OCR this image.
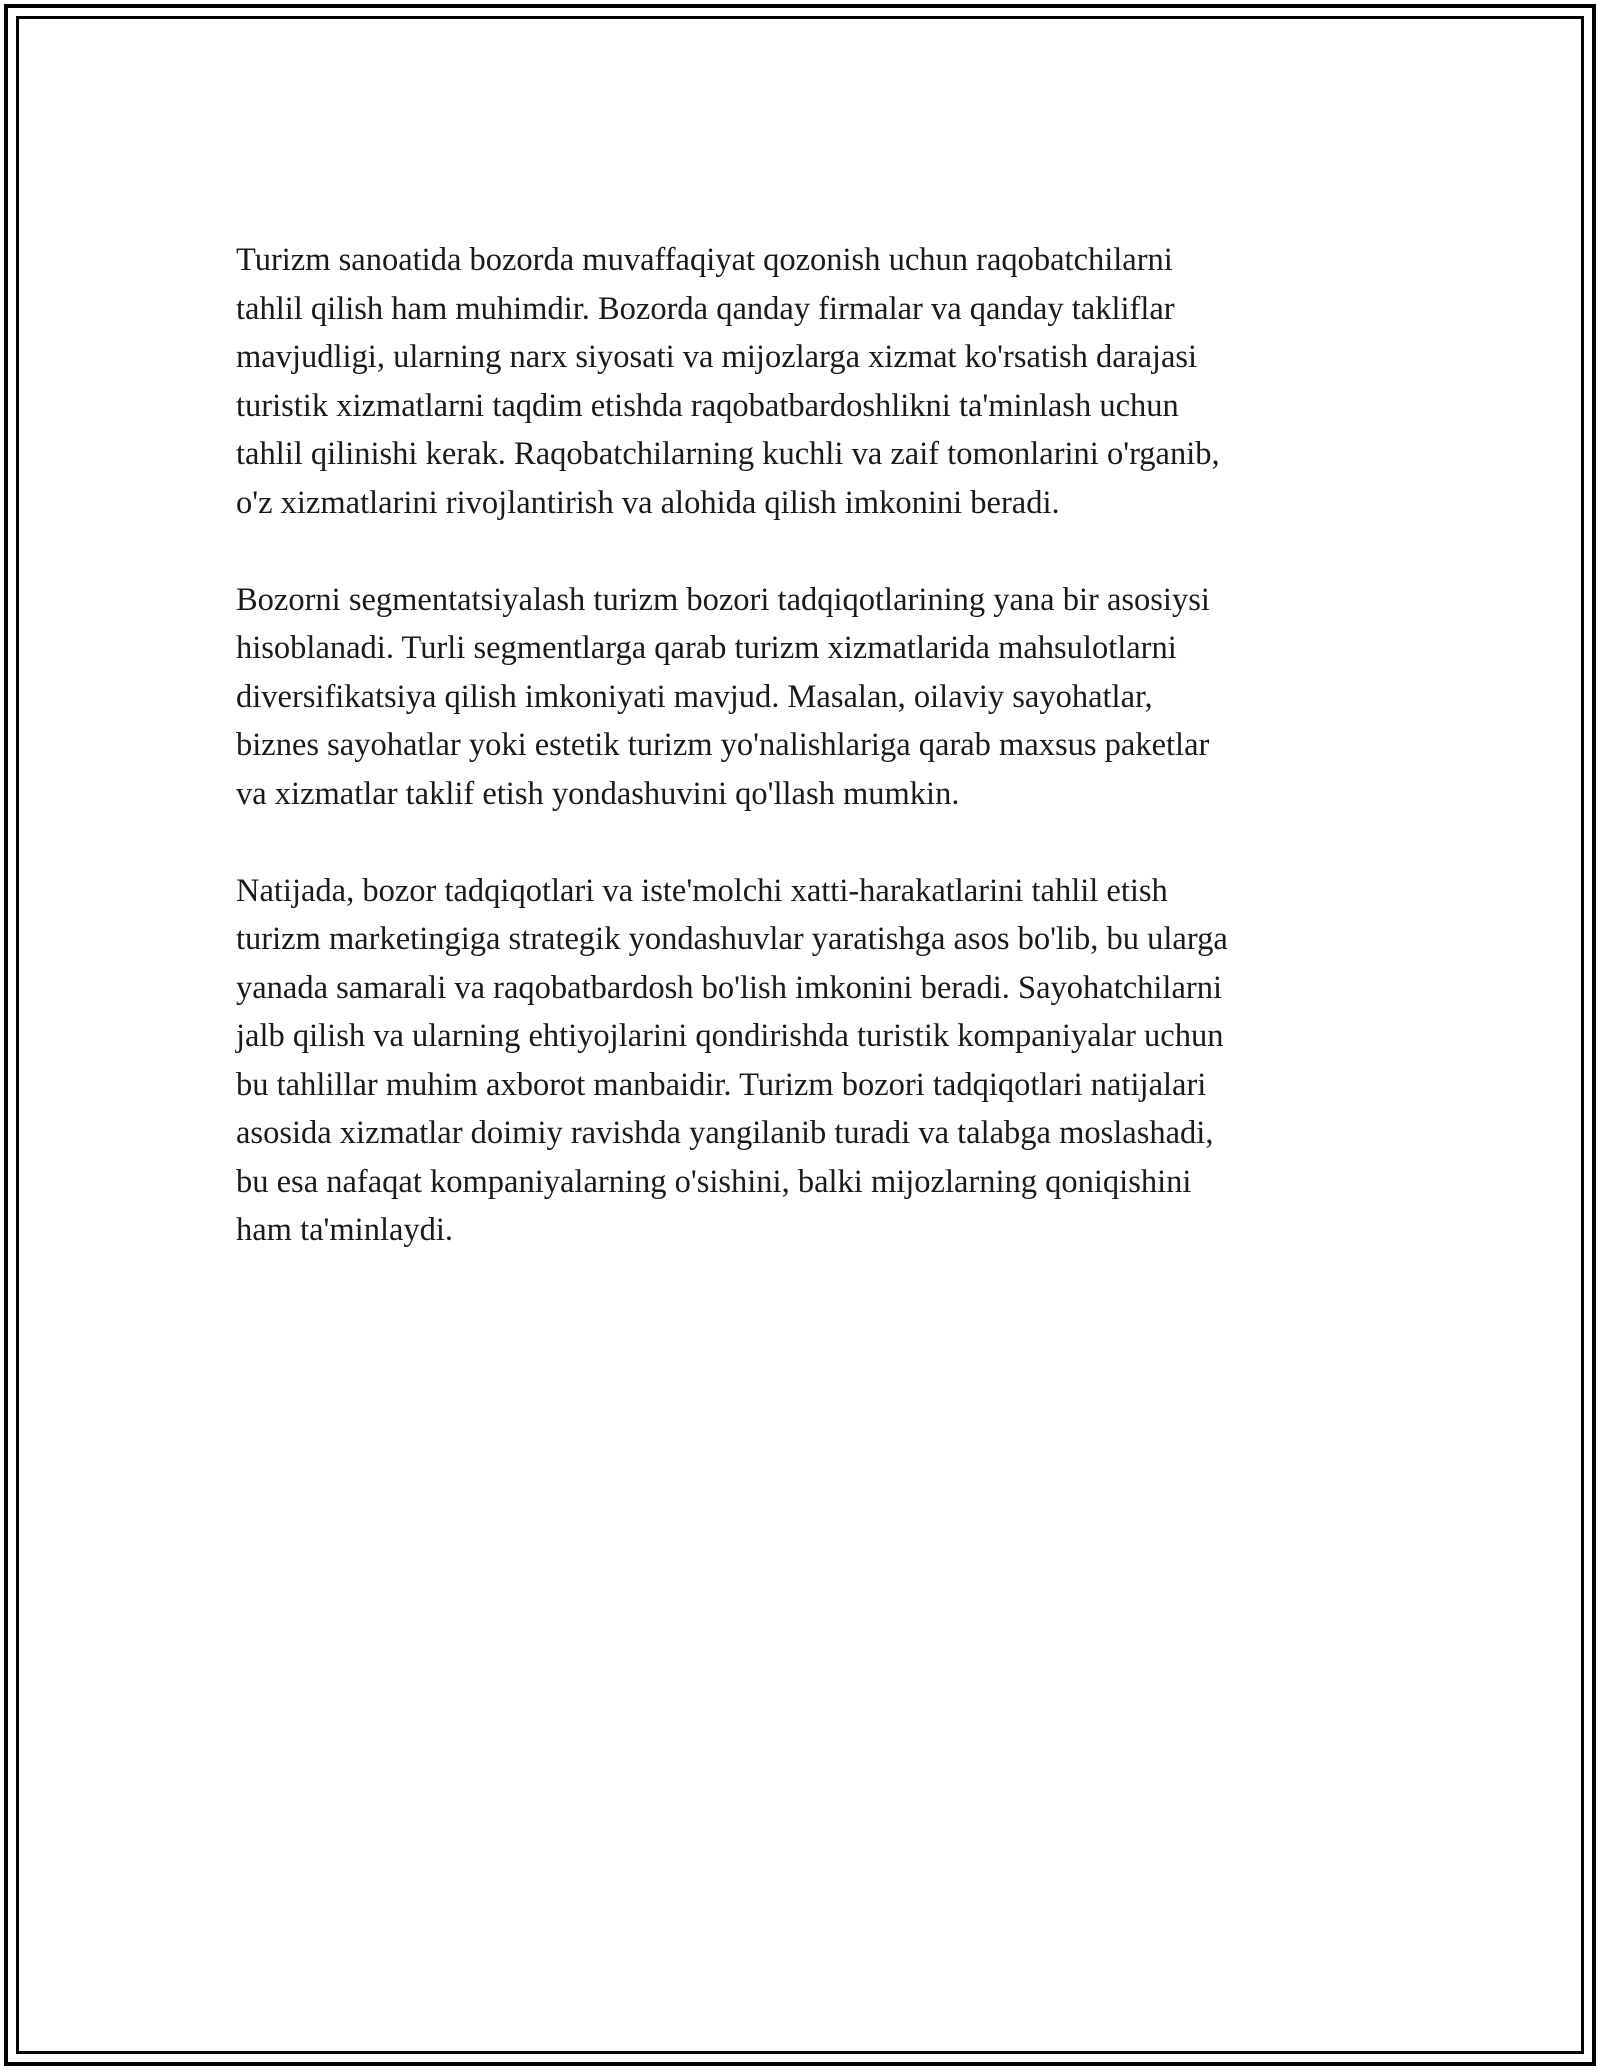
Turizm sanoatida bozorda muvaffaqiyat qozonish uchun raqobatchilarni
tahlil qilish ham muhimdir. Bozorda qanday firmalar va qanday takliflar
mavjudligi, ularning narx siyosati va mijozlarga xizmat ko'rsatish darajasi
turistik xizmatlarni taqdim etishda raqobatbardoshlikni ta'minlash uchun
tahlil qilinishi kerak. Raqobatchilarning kuchli va zaif tomonlarini o'rganib,
o'z xizmatlarini rivojlantirish va alohida qilish imkonini beradi.

Bozorni segmentatsiyalash turizm bozori tadqiqotlarining yana bir asosiysi
hisoblanadi. Turli segmentlarga qarab turizm xizmatlarida mahsulotlarni
diversifikatsiya qilish imkoniyati mavjud. Masalan, oilaviy sayohatlar,
biznes sayohatlar yoki estetik turizm yo'nalishlariga qarab maxsus paketlar
va xizmatlar taklif etish yondashuvini qo'llash mumkin.

Natijada, bozor tadqiqotlari va iste'molchi xatti-harakatlarini tahlil etish
turizm marketingiga strategik yondashuvlar yaratishga asos bo'lib, bu ularga
yanada samarali va raqobatbardosh bo'lish imkonini beradi. Sayohatchilarni
jalb qilish va ularning ehtiyojlarini qondirishda turistik kompaniyalar uchun
bu tahlillar muhim axborot manbaidir. Turizm bozori tadqiqotlari natijalari
asosida xizmatlar doimiy ravishda yangilanib turadi va talabga moslashadi,
bu esa nafaqat kompaniyalarning o'sishini, balki mijozlarning qoniqishini
ham ta'minlaydi.
